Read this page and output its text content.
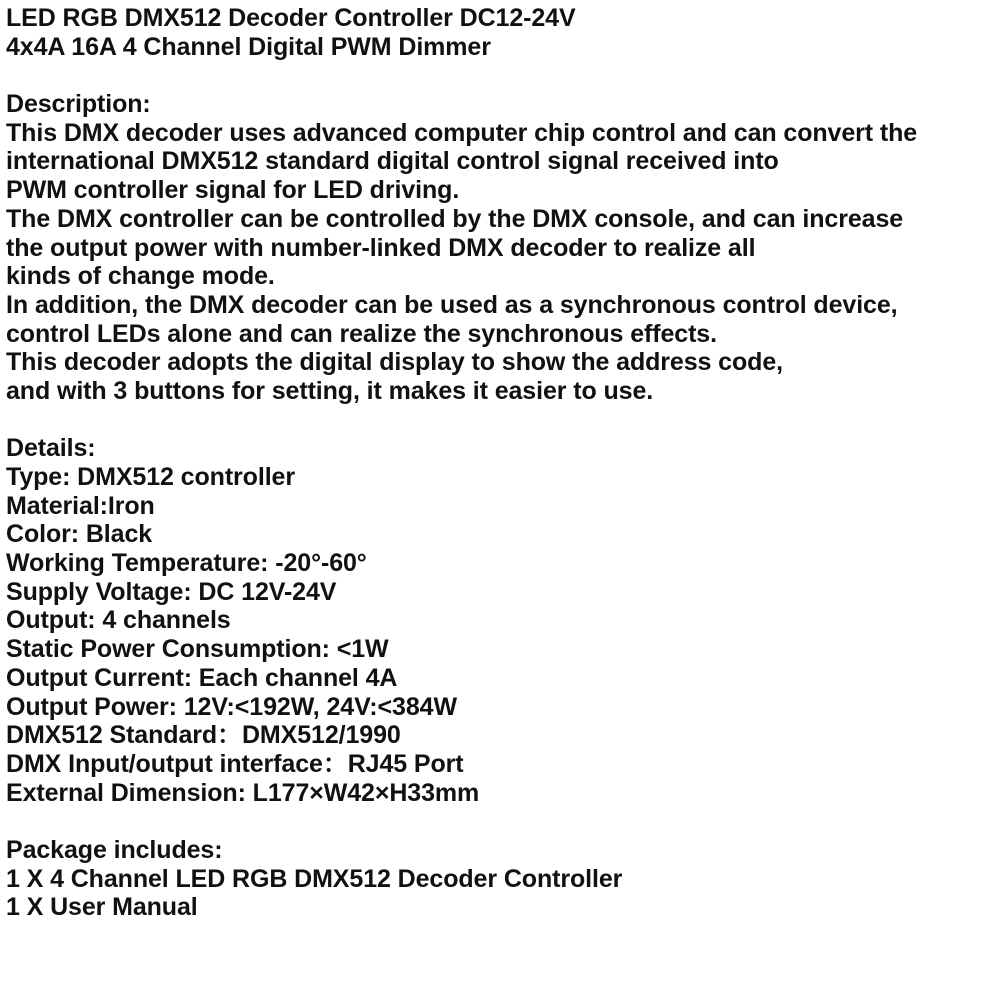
LED RGB DMX512 Decoder Controller DC12-24V
4x4A 16A 4 Channel Digital PWM Dimmer
Description:
This DMX decoder uses advanced computer chip control and can convert the
international DMX512 standard digital control signal received into
PWM controller signal for LED driving.
The DMX controller can be controlled by the DMX console, and can increase
the output power with number-linked DMX decoder to realize all
kinds of change mode.
In addition, the DMX decoder can be used as a synchronous control device,
control LEDs alone and can realize the synchronous effects.
This decoder adopts the digital display to show the address code,
and with 3 buttons for setting, it makes it easier to use.
Details:
Type: DMX512 controller
Material:Iron
Color: Black
Working Temperature: -20°-60°
Supply Voltage: DC 12V-24V
Output: 4 channels
Static Power Consumption: <1W
Output Current: Each channel 4A
Output Power: 12V:<192W, 24V:<384W
DMX512 Standard：DMX512/1990
DMX Input/output interface：RJ45 Port
External Dimension: L177×W42×H33mm
Package includes:
1 X 4 Channel LED RGB DMX512 Decoder Controller
1 X User Manual
